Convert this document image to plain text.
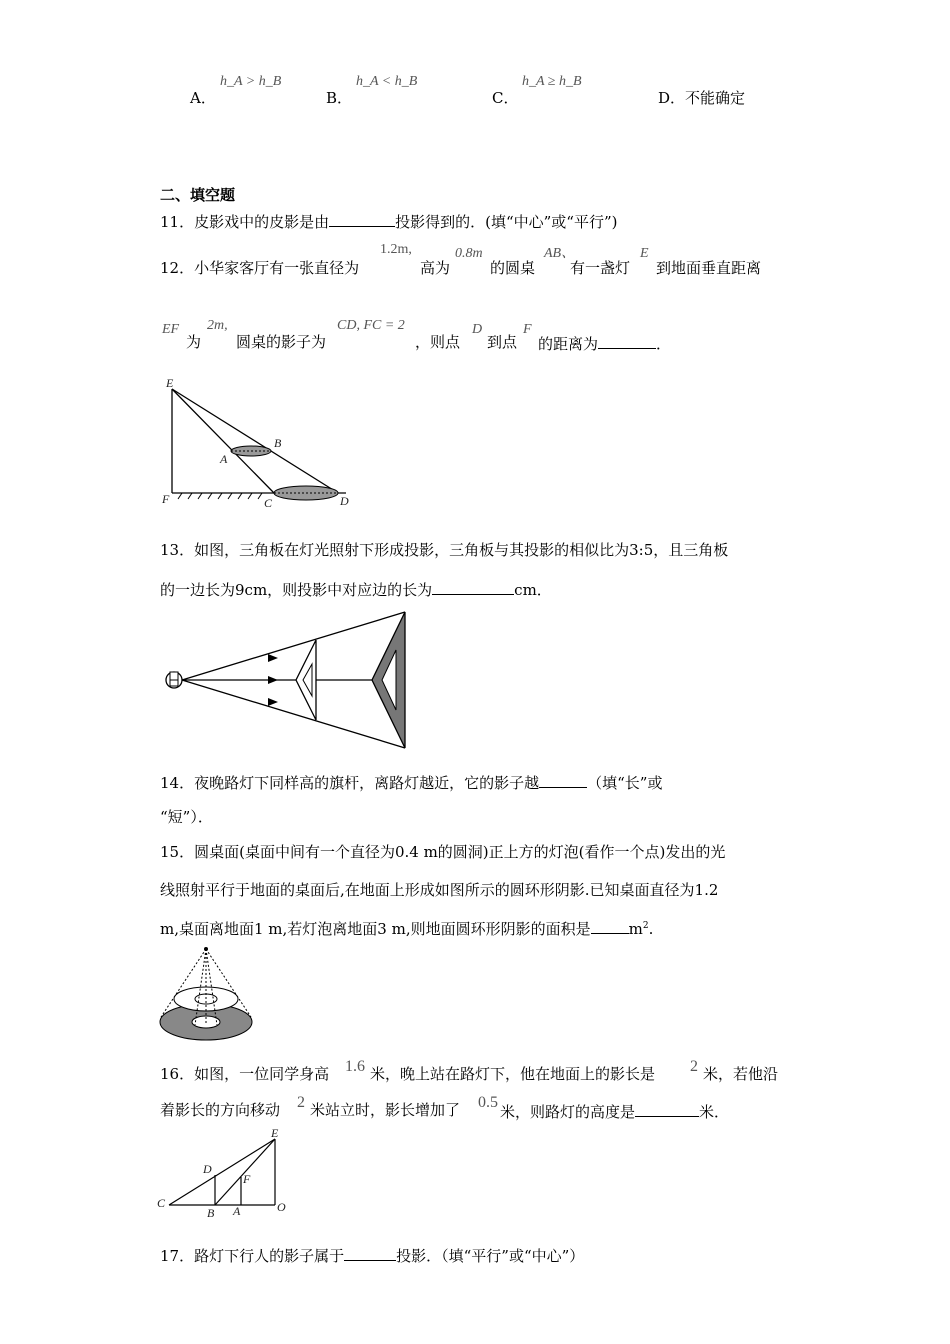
A．
h_A > h_B
B．
h_A < h_B
C．
h_A ≥ h_B
D．不能确定
二、填空题
11．皮影戏中的皮影是由	投影得到的．(填“中心”或“平行”)
12．小华家客厅有一张直径为
1.2m,
高为
0.8m
的圆桌
AB、
有一盏灯
E
到地面垂直距离
EF
为
2m,
圆桌的影子为
CD, FC = 2
，则点
D
到点
F
的距离为	．
E
B
A
F	C	D
13．如图，三角板在灯光照射下形成投影，三角板与其投影的相似比为3:5，且三角板
的一边长为9cm，则投影中对应边的长为	cm．
14．夜晚路灯下同样高的旗杆，离路灯越近，它的影子越	（填“长”或
“短”）．
15．圆桌面(桌面中间有一个直径为0.4 m的圆洞)正上方的灯泡(看作一个点)发出的光
线照射平行于地面的桌面后,在地面上形成如图所示的圆环形阴影.已知桌面直径为1.2
m,桌面离地面1 m,若灯泡离地面3 m,则地面圆环形阴影的面积是	$m^2$.
16．如图，一位同学身高 1.6 米，晚上站在路灯下，他在地面上的影长是 2 米，若他沿
着影长的方向移动 2 米站立时，影长增加了 0.5
米，则路灯的高度是	米．
E
D
F
C
B A	O
17．路灯下行人的影子属于	投影．（填“平行”或“中心”）
